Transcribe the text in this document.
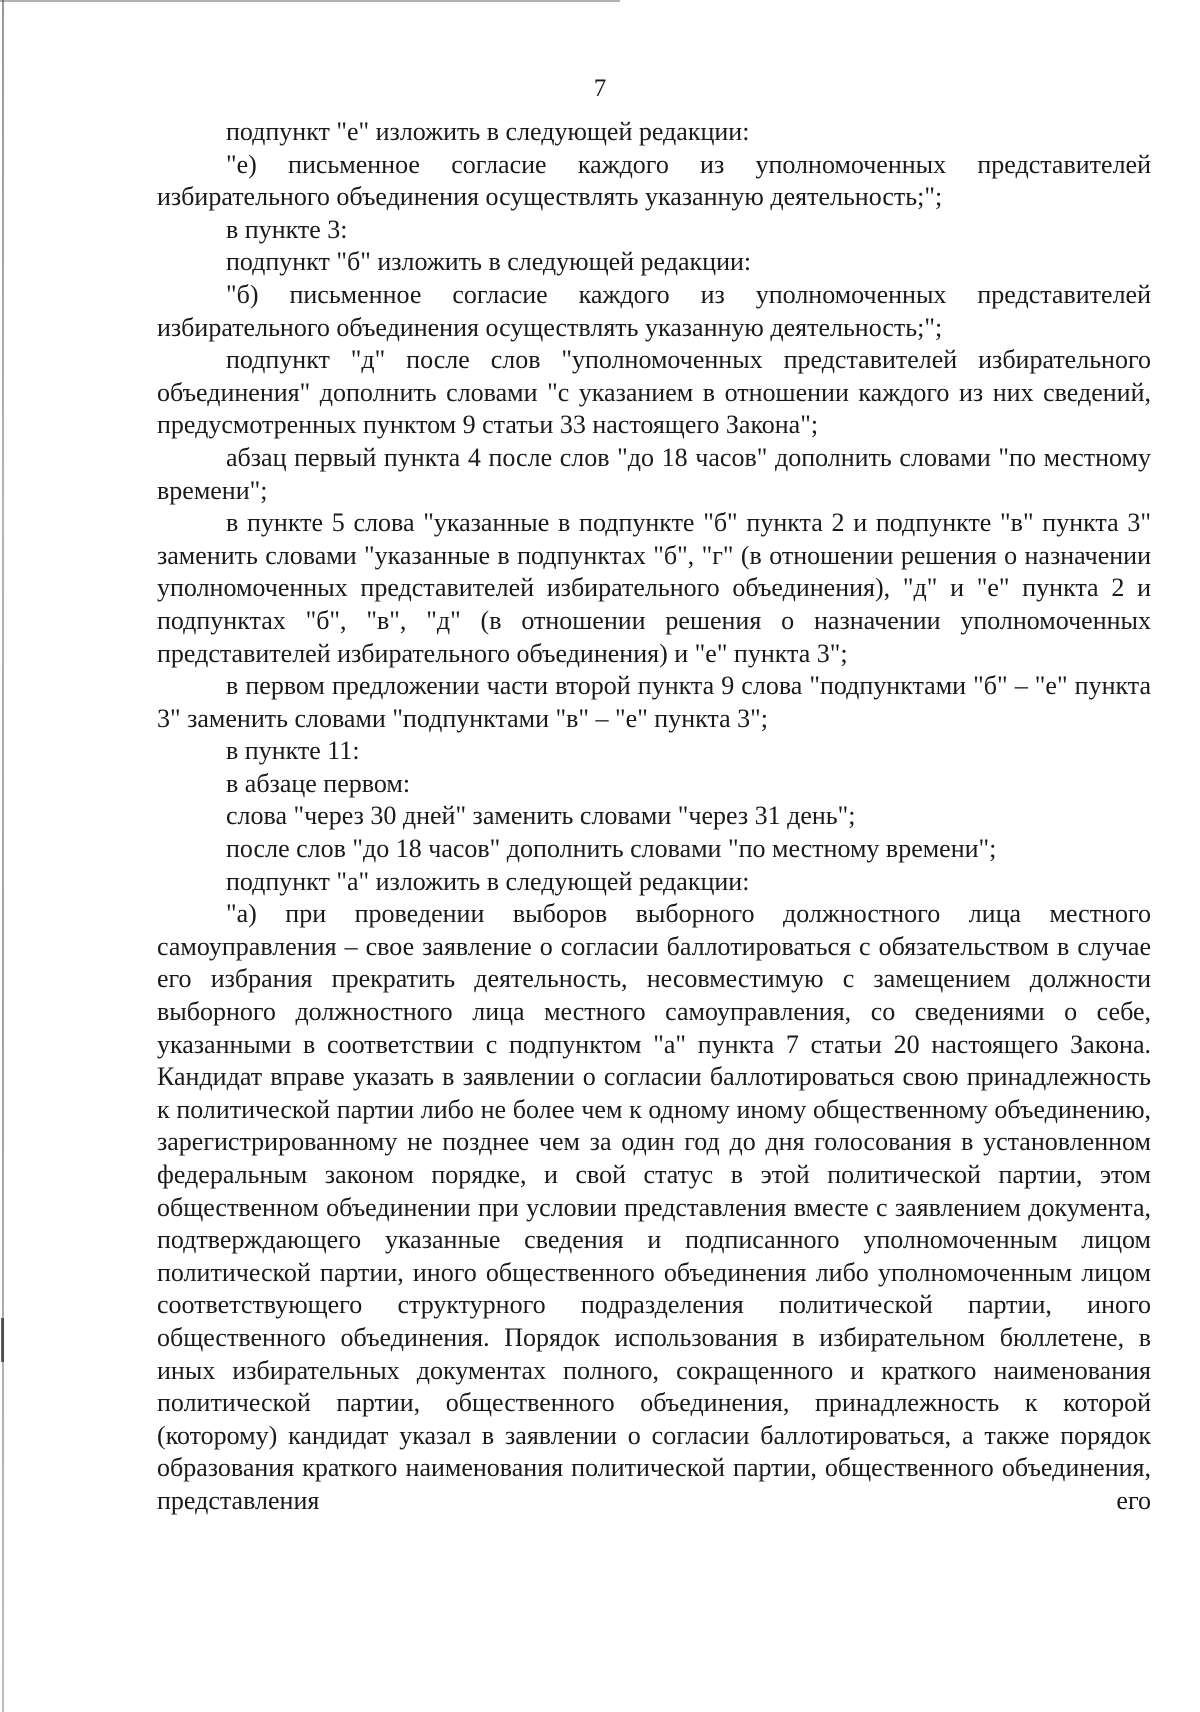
7

подпункт "е" изложить в следующей редакции:

"е) письменное согласие каждого из уполномоченных представителей избирательного объединения осуществлять указанную деятельность;";

в пункте 3:

подпункт "б" изложить в следующей редакции:

"б) письменное согласие каждого из уполномоченных представителей избирательного объединения осуществлять указанную деятельность;";

подпункт "д" после слов "уполномоченных представителей избирательного объединения" дополнить словами "с указанием в отношении каждого из них сведений, предусмотренных пунктом 9 статьи 33 настоящего Закона";

абзац первый пункта 4 после слов "до 18 часов" дополнить словами "по местному времени";

в пункте 5 слова "указанные в подпункте "б" пункта 2 и подпункте "в" пункта 3" заменить словами "указанные в подпунктах "б", "г" (в отношении решения о назначении уполномоченных представителей избирательного объединения), "д" и "е" пункта 2 и подпунктах "б", "в", "д" (в отношении решения о назначении уполномоченных представителей избирательного объединения) и "е" пункта 3";

в первом предложении части второй пункта 9 слова "подпунктами "б" – "е" пункта 3" заменить словами "подпунктами "в" – "е" пункта 3";

в пункте 11:

в абзаце первом:

слова "через 30 дней" заменить словами "через 31 день";

после слов "до 18 часов" дополнить словами "по местному времени";

подпункт "а" изложить в следующей редакции:

"а) при проведении выборов выборного должностного лица местного самоуправления – свое заявление о согласии баллотироваться с обязательством в случае его избрания прекратить деятельность, несовместимую с замещением должности выборного должностного лица местного самоуправления, со сведениями о себе, указанными в соответствии с подпунктом "а" пункта 7 статьи 20 настоящего Закона. Кандидат вправе указать в заявлении о согласии баллотироваться свою принадлежность к политической партии либо не более чем к одному иному общественному объединению, зарегистрированному не позднее чем за один год до дня голосования в установленном федеральным законом порядке, и свой статус в этой политической партии, этом общественном объединении при условии представления вместе с заявлением документа, подтверждающего указанные сведения и подписанного уполномоченным лицом политической партии, иного общественного объединения либо уполномоченным лицом соответствующего структурного подразделения политической партии, иного общественного объединения. Порядок использования в избирательном бюллетене, в иных избирательных документах полного, сокращенного и краткого наименования политической партии, общественного объединения, принадлежность к которой (которому) кандидат указал в заявлении о согласии баллотироваться, а также порядок образования краткого наименования политической партии, общественного объединения, представления его
